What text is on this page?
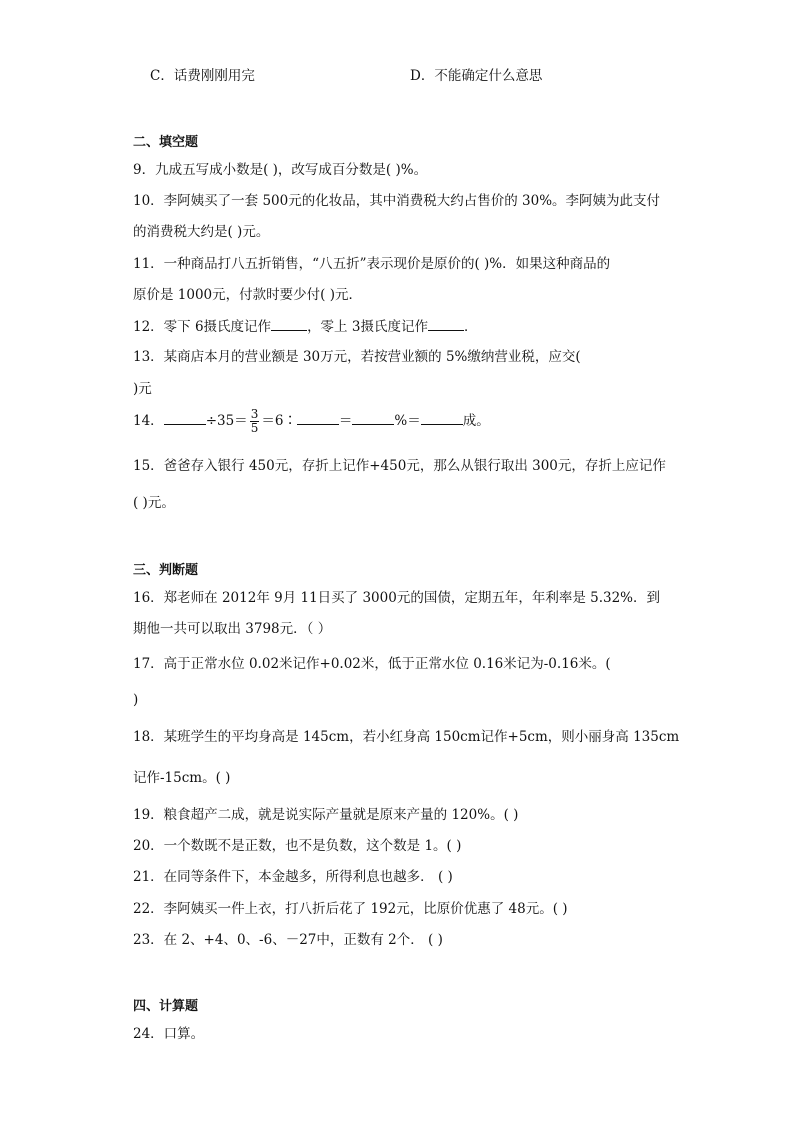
C．话费刚刚用完	D．不能确定什么意思
二、填空题
9．九成五写成小数是( )，改写成百分数是( )%。
10．李阿姨买了一套 500元的化妆品，其中消费税大约占售价的 30%。李阿姨为此支付
的消费税大约是( )元。
11．一种商品打八五折销售，“八五折”表示现价是原价的( )%．如果这种商品的
原价是 1000元，付款时要少付( )元．
12．零下 6摄氏度记作	，零上 3摄氏度记作	．
13．某商店本月的营业额是 30万元，若按营业额的 5%缴纳营业税，应交(
)元
14．	$\div 35= \frac{3}{5}$ ＝6∶	＝	%＝	成。
15．爸爸存入银行 450元，存折上记作+450元，那么从银行取出 300元，存折上应记作
( )元。
三、判断题
16．郑老师在 2012年 9月 11日买了 3000元的国债，定期五年，年利率是 5.32%．到
期他一共可以取出 3798元．（ ）
17．高于正常水位 0.02米记作+0.02米，低于正常水位 0.16米记为-0.16米。(
)
18．某班学生的平均身高是 145cm，若小红身高 150cm记作+5cm，则小丽身高 135cm
记作-15cm。( )
19．粮食超产二成，就是说实际产量就是原来产量的 120%。( )
20．一个数既不是正数，也不是负数，这个数是 1。( )
21．在同等条件下，本金越多，所得利息也越多． ( )
22．李阿姨买一件上衣，打八折后花了 192元，比原价优惠了 48元。( )
23．在 2、+4、0、-6、－27中，正数有 2个． ( )
四、计算题
24．口算。
